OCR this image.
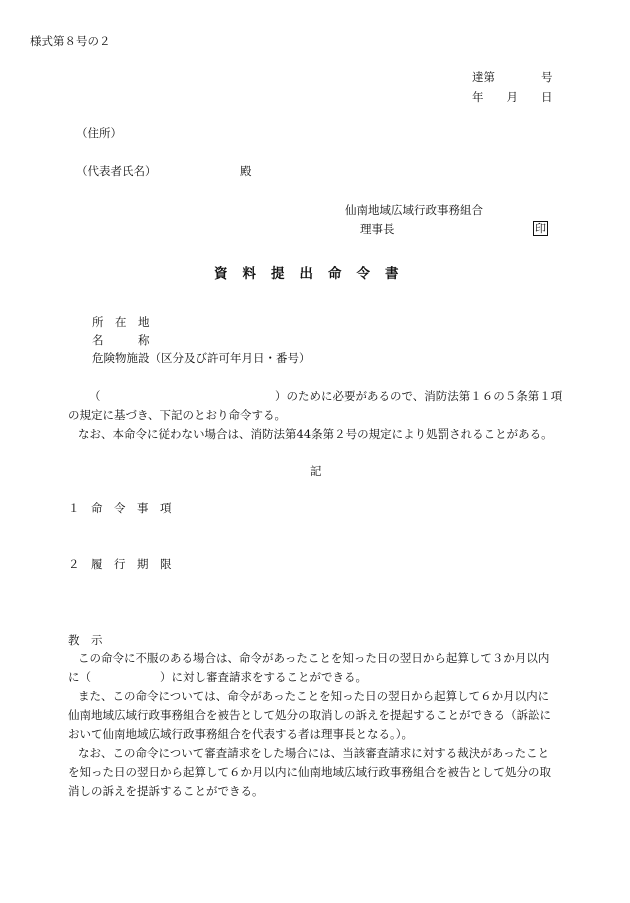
様式第８号の２
達第　　　　号
年　　月　　日
（住所）
（代表者氏名）	殿
仙南地域広域行政事務組合
理事長	印
資料提出命令書
所　在　地
名　　　称
危険物施設（区分及び許可年月日・番号）
（	）のために必要があるので、消防法第１６の５条第１項
の規定に基づき、下記のとおり命令する。
なお、本命令に従わない場合は、消防法第44条第２号の規定により処罰されることがある。
記
１　命　令　事　項
２　履　行　期　限
教　示
この命令に不服のある場合は、命令があったことを知った日の翌日から起算して３か月以内
に（　　　　　　）に対し審査請求をすることができる。
また、この命令については、命令があったことを知った日の翌日から起算して６か月以内に
仙南地域広域行政事務組合を被告として処分の取消しの訴えを提起することができる（訴訟に
おいて仙南地域広域行政事務組合を代表する者は理事長となる。）。
なお、この命令について審査請求をした場合には、当該審査請求に対する裁決があったこと
を知った日の翌日から起算して６か月以内に仙南地域広域行政事務組合を被告として処分の取
消しの訴えを提訴することができる。
